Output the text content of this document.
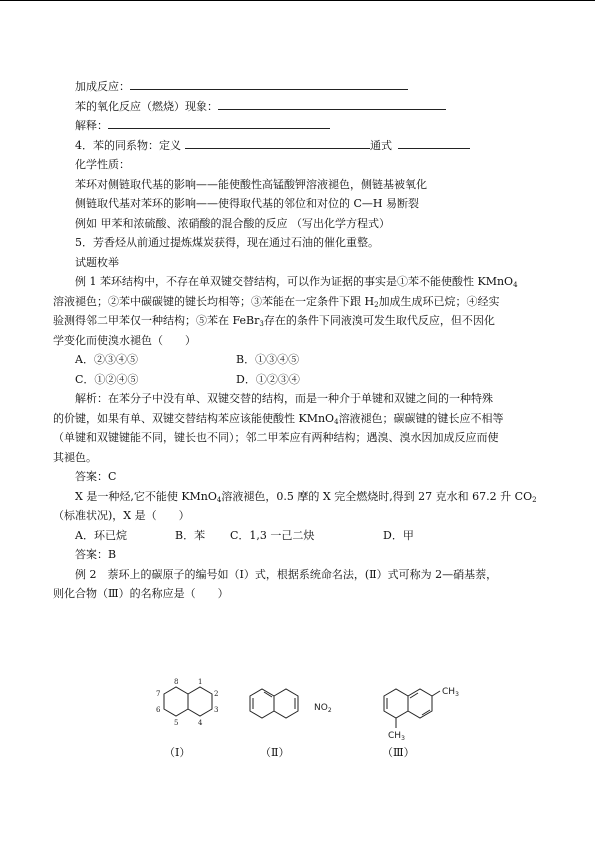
加成反应：
苯的氧化反应（燃烧）现象：
解释：
4．苯的同系物：定义	通式
化学性质：
苯环对侧链取代基的影响——能使酸性高锰酸钾溶液褪色，侧链基被氧化
侧链取代基对苯环的影响——使得取代基的邻位和对位的 C—H 易断裂
例如 甲苯和浓硫酸、浓硝酸的混合酸的反应 （写出化学方程式）
5．芳香烃从前通过提炼煤炭获得，现在通过石油的催化重整。
试题枚举
例 1 苯环结构中，不存在单双键交替结构，可以作为证据的事实是①苯不能使酸性 KMnO$_4$
溶液褪色；②苯中碳碳键的键长均相等；③苯能在一定条件下跟 $H_2$加成生成环已烷；④经实
验测得邻二甲苯仅一种结构；⑤苯在 FeBr$_3$存在的条件下同液溴可发生取代反应，但不因化
学变化而使溴水褪色（　　）
A．②③④⑤	B．①③④⑤
C．①②④⑤	D．①②③④
解析：在苯分子中没有单、双键交替的结构，而是一种介于单键和双键之间的一种特殊
的价键，如果有单、双键交替结构苯应该能使酸性 KMnO$_4$溶液褪色；碳碳键的键长应不相等
（单键和双键键能不同，键长也不同）；邻二甲苯应有两种结构；遇溴、溴水因加成反应而使
其褪色。
答案：C
X 是一种烃,它不能使 KMnO$_4$溶液褪色，0.5 摩的 X 完全燃烧时,得到 27 克水和 67.2 升 $CO_2$
（标准状况)，X 是（　　）
A．环已烷	B．苯 C．1,3 一己二炔	D．甲
答案：B
例 2　萘环上的碳原子的编号如（Ⅰ）式，根据系统命名法，(Ⅱ）式可称为 2—硝基萘，
则化合物（Ⅲ）的名称应是（　　）
8	1
7	2
6	3
5	4
$NO_2$
$CH_3$
$CH_3$
（Ⅰ）	（Ⅱ）	（Ⅲ）
